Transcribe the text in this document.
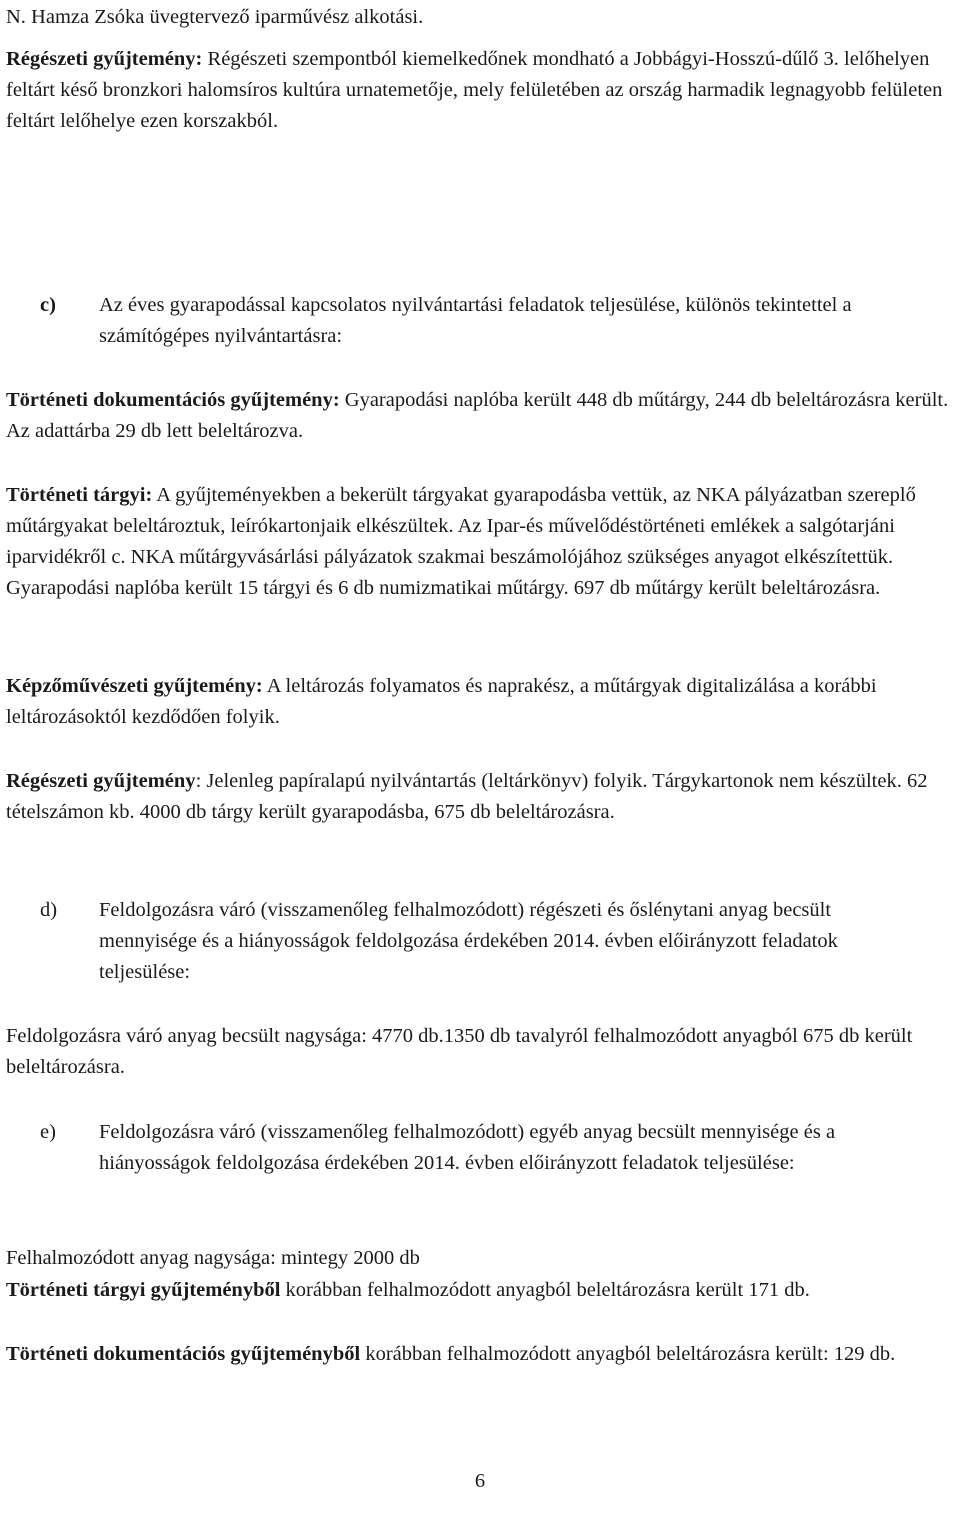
N. Hamza Zsóka üvegtervező iparművész alkotási.

Régészeti gyűjtemény: Régészeti szempontból kiemelkedőnek mondható a Jobbágyi-Hosszú-dűlő 3. lelőhelyen feltárt késő bronzkori halomsíros kultúra urnatemetője, mely felületében az ország harmadik legnagyobb felületen feltárt lelőhelye ezen korszakból.

c) Az éves gyarapodással kapcsolatos nyilvántartási feladatok teljesülése, különös tekintettel a számítógépes nyilvántartásra:

Történeti dokumentációs gyűjtemény: Gyarapodási naplóba került 448 db műtárgy, 244 db beleltározásra került. Az adattárba 29 db lett beleltározva.

Történeti tárgyi: A gyűjteményekben a bekerült tárgyakat gyarapodásba vettük, az NKA pályázatban szereplő műtárgyakat beleltároztuk, leírókartonjaik elkészültek. Az Ipar-és művelődéstörténeti emlékek a salgótarjáni iparvidékről c. NKA műtárgyvásárlási pályázatok szakmai beszámolójához szükséges anyagot elkészítettük. Gyarapodási naplóba került 15 tárgyi és 6 db numizmatikai műtárgy. 697 db műtárgy került beleltározásra.

Képzőművészeti gyűjtemény: A leltározás folyamatos és naprakész, a műtárgyak digitalizálása a korábbi leltározásoktól kezdődően folyik.

Régészeti gyűjtemény: Jelenleg papíralapú nyilvántartás (leltárkönyv) folyik. Tárgykartonok nem készültek. 62 tételszámon kb. 4000 db tárgy került gyarapodásba, 675 db beleltározásra.

d) Feldolgozásra váró (visszamenőleg felhalmozódott) régészeti és őslénytani anyag becsült mennyisége és a hiányosságok feldolgozása érdekében 2014. évben előirányzott feladatok teljesülése:

Feldolgozásra váró anyag becsült nagysága: 4770 db.1350 db tavalyról felhalmozódott anyagból 675 db került beleltározásra.

e) Feldolgozásra váró (visszamenőleg felhalmozódott) egyéb anyag becsült mennyisége és a hiányosságok feldolgozása érdekében 2014. évben előirányzott feladatok teljesülése:

Felhalmozódott anyag nagysága: mintegy 2000 db

Történeti tárgyi gyűjteményből korábban felhalmozódott anyagból beleltározásra került 171 db.

Történeti dokumentációs gyűjteményből korábban felhalmozódott anyagból beleltározásra került: 129 db.

6
